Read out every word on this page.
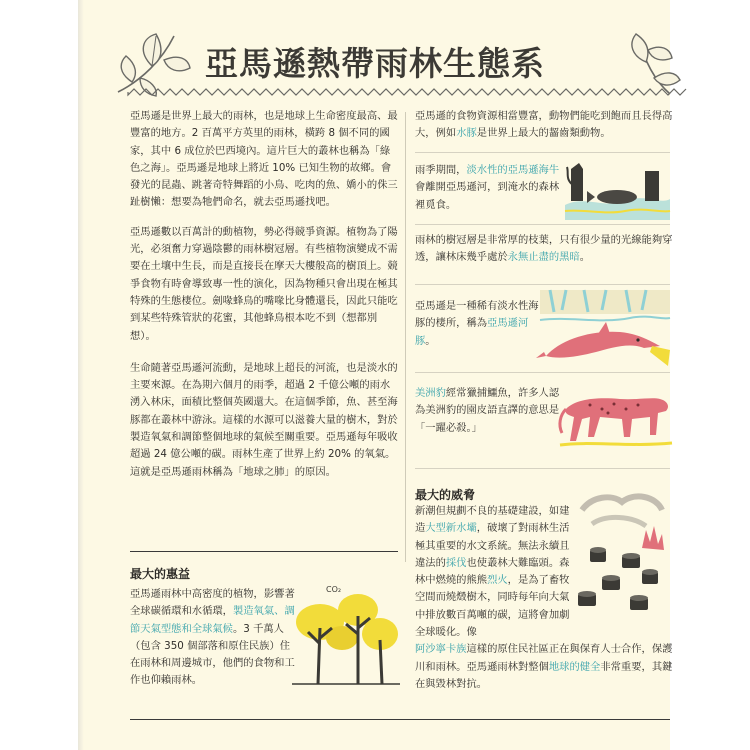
亞馬遜熱帶雨林生態系

亞馬遜是世界上最大的雨林，也是地球上生命密度最高、最豐富的地方。2 百萬平方英里的雨林，橫跨 8 個不同的國家，其中 6 成位於巴西境內。這片巨大的叢林也稱為「綠色之海」。亞馬遜是地球上將近 10% 已知生物的故鄉。會發光的昆蟲、跳著奇特舞蹈的小鳥、吃肉的魚、嬌小的侏三趾樹懶：想要為牠們命名，就去亞馬遜找吧。

亞馬遜數以百萬計的動植物，勢必得競爭資源。植物為了陽光，必須奮力穿過陰鬱的雨林樹冠層。有些植物演變成不需要在土壤中生長，而是直接長在摩天大樓般高的樹頂上。競爭食物有時會導致專一性的演化，因為物種只會出現在極其特殊的生態棲位。劍喙蜂鳥的嘴喙比身體還長，因此只能吃到某些特殊管狀的花蜜，其他蜂鳥根本吃不到（想都別想）。

生命隨著亞馬遜河流動，是地球上超長的河流，也是淡水的主要來源。在為期六個月的雨季，超過 2 千億公噸的雨水湧入林床，面積比整個英國還大。在這個季節，魚、甚至海豚都在叢林中游泳。這樣的水源可以滋養大量的樹木，對於製造氧氣和調節整個地球的氣候至關重要。亞馬遜每年吸收超過 24 億公噸的碳。雨林生產了世界上約 20% 的氧氣。這就是亞馬遜雨林稱為「地球之肺」的原因。

亞馬遜的食物資源相當豐富，動物們能吃到飽而且長得高大，例如水豚是世界上最大的齧齒類動物。
雨季期間，淡水性的亞馬遜海牛會離開亞馬遜河，到淹水的森林裡覓食。
雨林的樹冠層是非常厚的枝葉，只有很少量的光線能夠穿透，讓林床幾乎處於永無止盡的黑暗。
亞馬遜是一種稀有淡水性海豚的棲所，稱為亞馬遜河豚。
美洲豹經常獵捕鱷魚，許多人認為美洲豹的園皮語直譯的意思是「一躍必殺。」
最大的惠益
亞馬遜雨林中高密度的植物，影響著全球碳循環和水循環，製造氧氣、調節天氣型態和全球氣候。3 千萬人（包含 350 個部落和原住民族）住在雨林和周邊城市，他們的食物和工作也仰賴雨林。
CO₂
最大的威脅
新潮但規劃不良的基礎建設，如建造大型新水壩，破壞了對雨林生活極其重要的水文系統。無法永續且違法的採伐也使叢林大難臨頭。森林中燃燒的熊熊烈火，是為了畜牧空間而燒燬樹木，同時每年向大氣中排放數百萬噸的碳，這將會加劇全球暖化。像
阿沙寧卡族這樣的原住民社區正在與保育人士合作，保護川和雨林。亞馬遜雨林對整個地球的健全非常重要，其鍵在與毀林對抗。
